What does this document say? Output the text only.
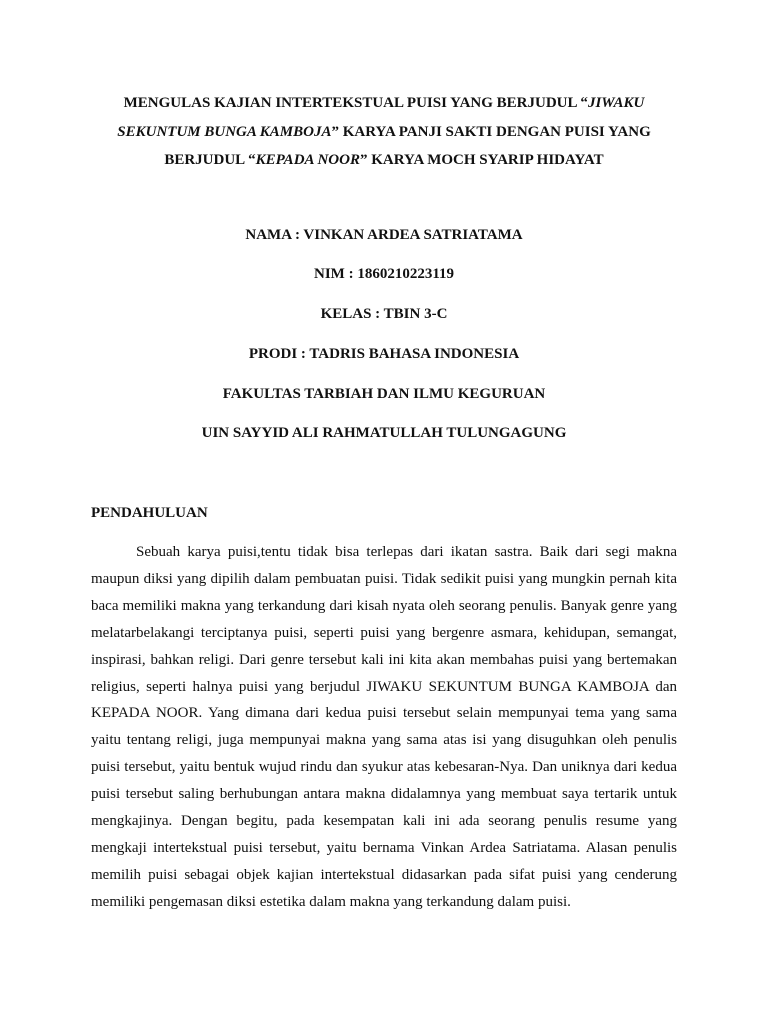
MENGULAS KAJIAN INTERTEKSTUAL PUISI YANG BERJUDUL “JIWAKU SEKUNTUM BUNGA KAMBOJA” KARYA PANJI SAKTI DENGAN PUISI YANG BERJUDUL “KEPADA NOOR” KARYA MOCH SYARIP HIDAYAT

NAMA : VINKAN ARDEA SATRIATAMA

NIM : 1860210223119

KELAS : TBIN 3-C

PRODI : TADRIS BAHASA INDONESIA

FAKULTAS TARBIAH DAN ILMU KEGURUAN

UIN SAYYID ALI RAHMATULLAH TULUNGAGUNG

PENDAHULUAN

Sebuah karya puisi,tentu tidak bisa terlepas dari ikatan sastra. Baik dari segi makna maupun diksi yang dipilih dalam pembuatan puisi. Tidak sedikit puisi yang mungkin pernah kita baca memiliki makna yang terkandung dari kisah nyata oleh seorang penulis. Banyak genre yang melatarbelakangi terciptanya puisi, seperti puisi yang bergenre asmara, kehidupan, semangat, inspirasi, bahkan religi. Dari genre tersebut kali ini kita akan membahas puisi yang bertemakan religius, seperti halnya puisi yang berjudul JIWAKU SEKUNTUM BUNGA KAMBOJA dan KEPADA NOOR. Yang dimana dari kedua puisi tersebut selain mempunyai tema yang sama yaitu tentang religi, juga mempunyai makna yang sama atas isi yang disuguhkan oleh penulis puisi tersebut, yaitu bentuk wujud rindu dan syukur atas kebesaran-Nya. Dan uniknya dari kedua puisi tersebut saling berhubungan antara makna didalamnya yang membuat saya tertarik untuk mengkajinya. Dengan begitu, pada kesempatan kali ini ada seorang penulis resume yang mengkaji intertekstual puisi tersebut, yaitu bernama Vinkan Ardea Satriatama. Alasan penulis memilih puisi sebagai objek kajian intertekstual didasarkan pada sifat puisi yang cenderung memiliki pengemasan diksi estetika dalam makna yang terkandung dalam puisi.
